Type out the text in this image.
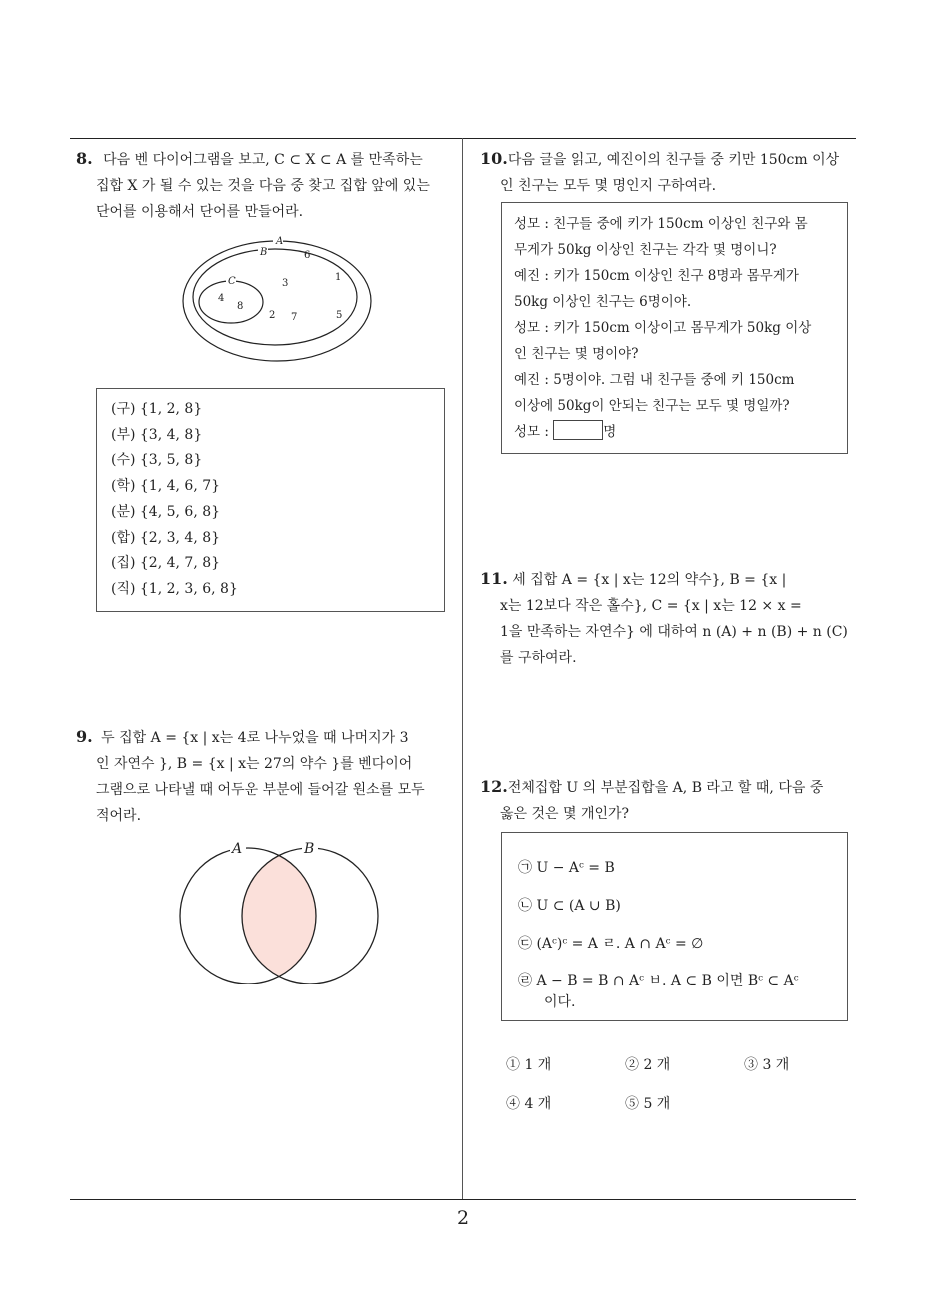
2
8. 다음 벤 다이어그램을 보고, C ⊂ X ⊂ A 를 만족하는
집합 X 가 될 수 있는 것을 다음 중 찾고 집합 앞에 있는
단어를 이용해서 단어를 만들어라.
A
B
C
6
3
1
4
8
2 7	5
(구) {1, 2, 8}
(부) {3, 4, 8}
(수) {3, 5, 8}
(학) {1, 4, 6, 7}
(분) {4, 5, 6, 8}
(합) {2, 3, 4, 8}
(집) {2, 4, 7, 8}
(직) {1, 2, 3, 6, 8}
9. 두 집합 A = {x | x는 4로 나누었을 때 나머지가 3
인 자연수 }, B = {x | x는 27의 약수 }를 벤다이어
그램으로 나타낼 때 어두운 부분에 들어갈 원소를 모두
적어라.
A	B
10.다음 글을 읽고, 예진이의 친구들 중 키만 150cm 이상
인 친구는 모두 몇 명인지 구하여라.
성모 : 친구들 중에 키가 150cm 이상인 친구와 몸
무게가 50kg 이상인 친구는 각각 몇 명이니?
예진 : 키가 150cm 이상인 친구 8명과 몸무게가
50kg 이상인 친구는 6명이야.
성모 : 키가 150cm 이상이고 몸무게가 50kg 이상
인 친구는 몇 명이야?
예진 : 5명이야. 그럼 내 친구들 중에 키 150cm
이상에 50kg이 안되는 친구는 모두 몇 명일까?
성모 :	명
11. 세 집합 A = {x | x는 12의 약수}, B = {x |
x는 12보다 작은 홀수}, C = {x | x는 12 × x =
1을 만족하는 자연수} 에 대하여 n (A) + n (B) + n (C)
를 구하여라.
12.전체집합 U 의 부분집합을 A, B 라고 할 때, 다음 중
옳은 것은 몇 개인가?
㉠ U − Aᶜ = B
㉡ U ⊂ (A ∪ B)
㉢ (Aᶜ)ᶜ = A ㄹ. A ∩ Aᶜ = ∅
㉣ A − B = B ∩ Aᶜ ㅂ. A ⊂ B 이면 Bᶜ ⊂ Aᶜ
이다.
① 1 개	② 2 개	③ 3 개
④ 4 개	⑤ 5 개
